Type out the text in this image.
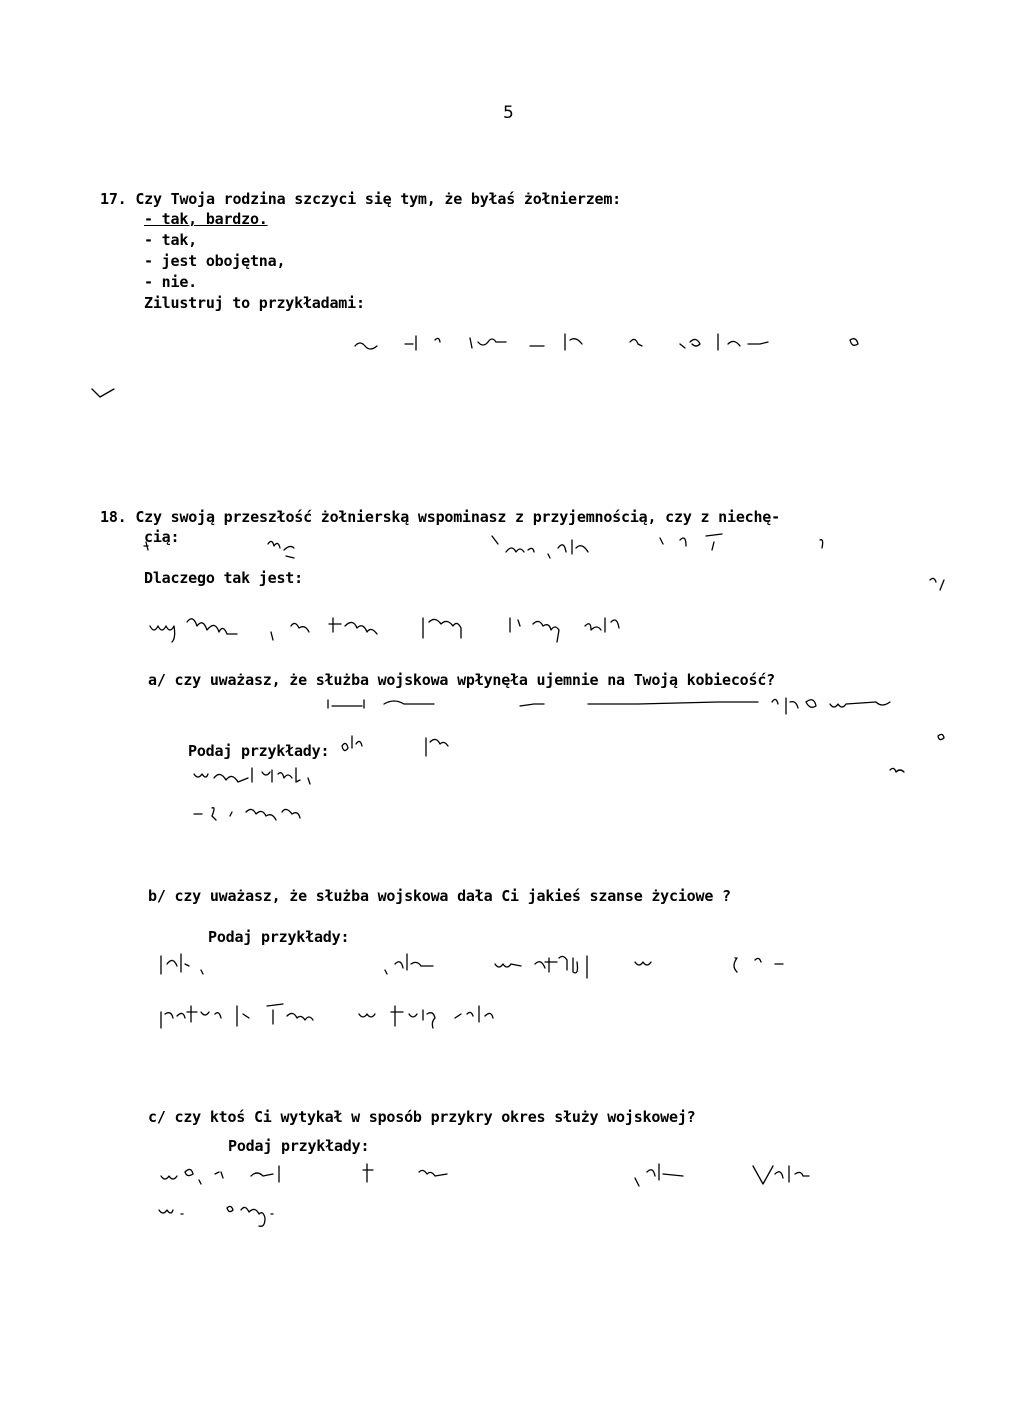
5
17. Czy Twoja rodzina szczyci się tym, że byłaś żołnierzem:
- tak, bardzo.
- tak,
- jest obojętna,
- nie.
Zilustruj to przykładami:
18. Czy swoją przeszłość żołnierską wspominasz z przyjemnością, czy z niechę-
cią:
Dlaczego tak jest:
a/ czy uważasz, że służba wojskowa wpłynęła ujemnie na Twoją kobiecość?
Podaj przykłady:
b/ czy uważasz, że służba wojskowa dała Ci jakieś szanse życiowe ?
Podaj przykłady:
c/ czy ktoś Ci wytykał w sposób przykry okres służy wojskowej?
Podaj przykłady:
